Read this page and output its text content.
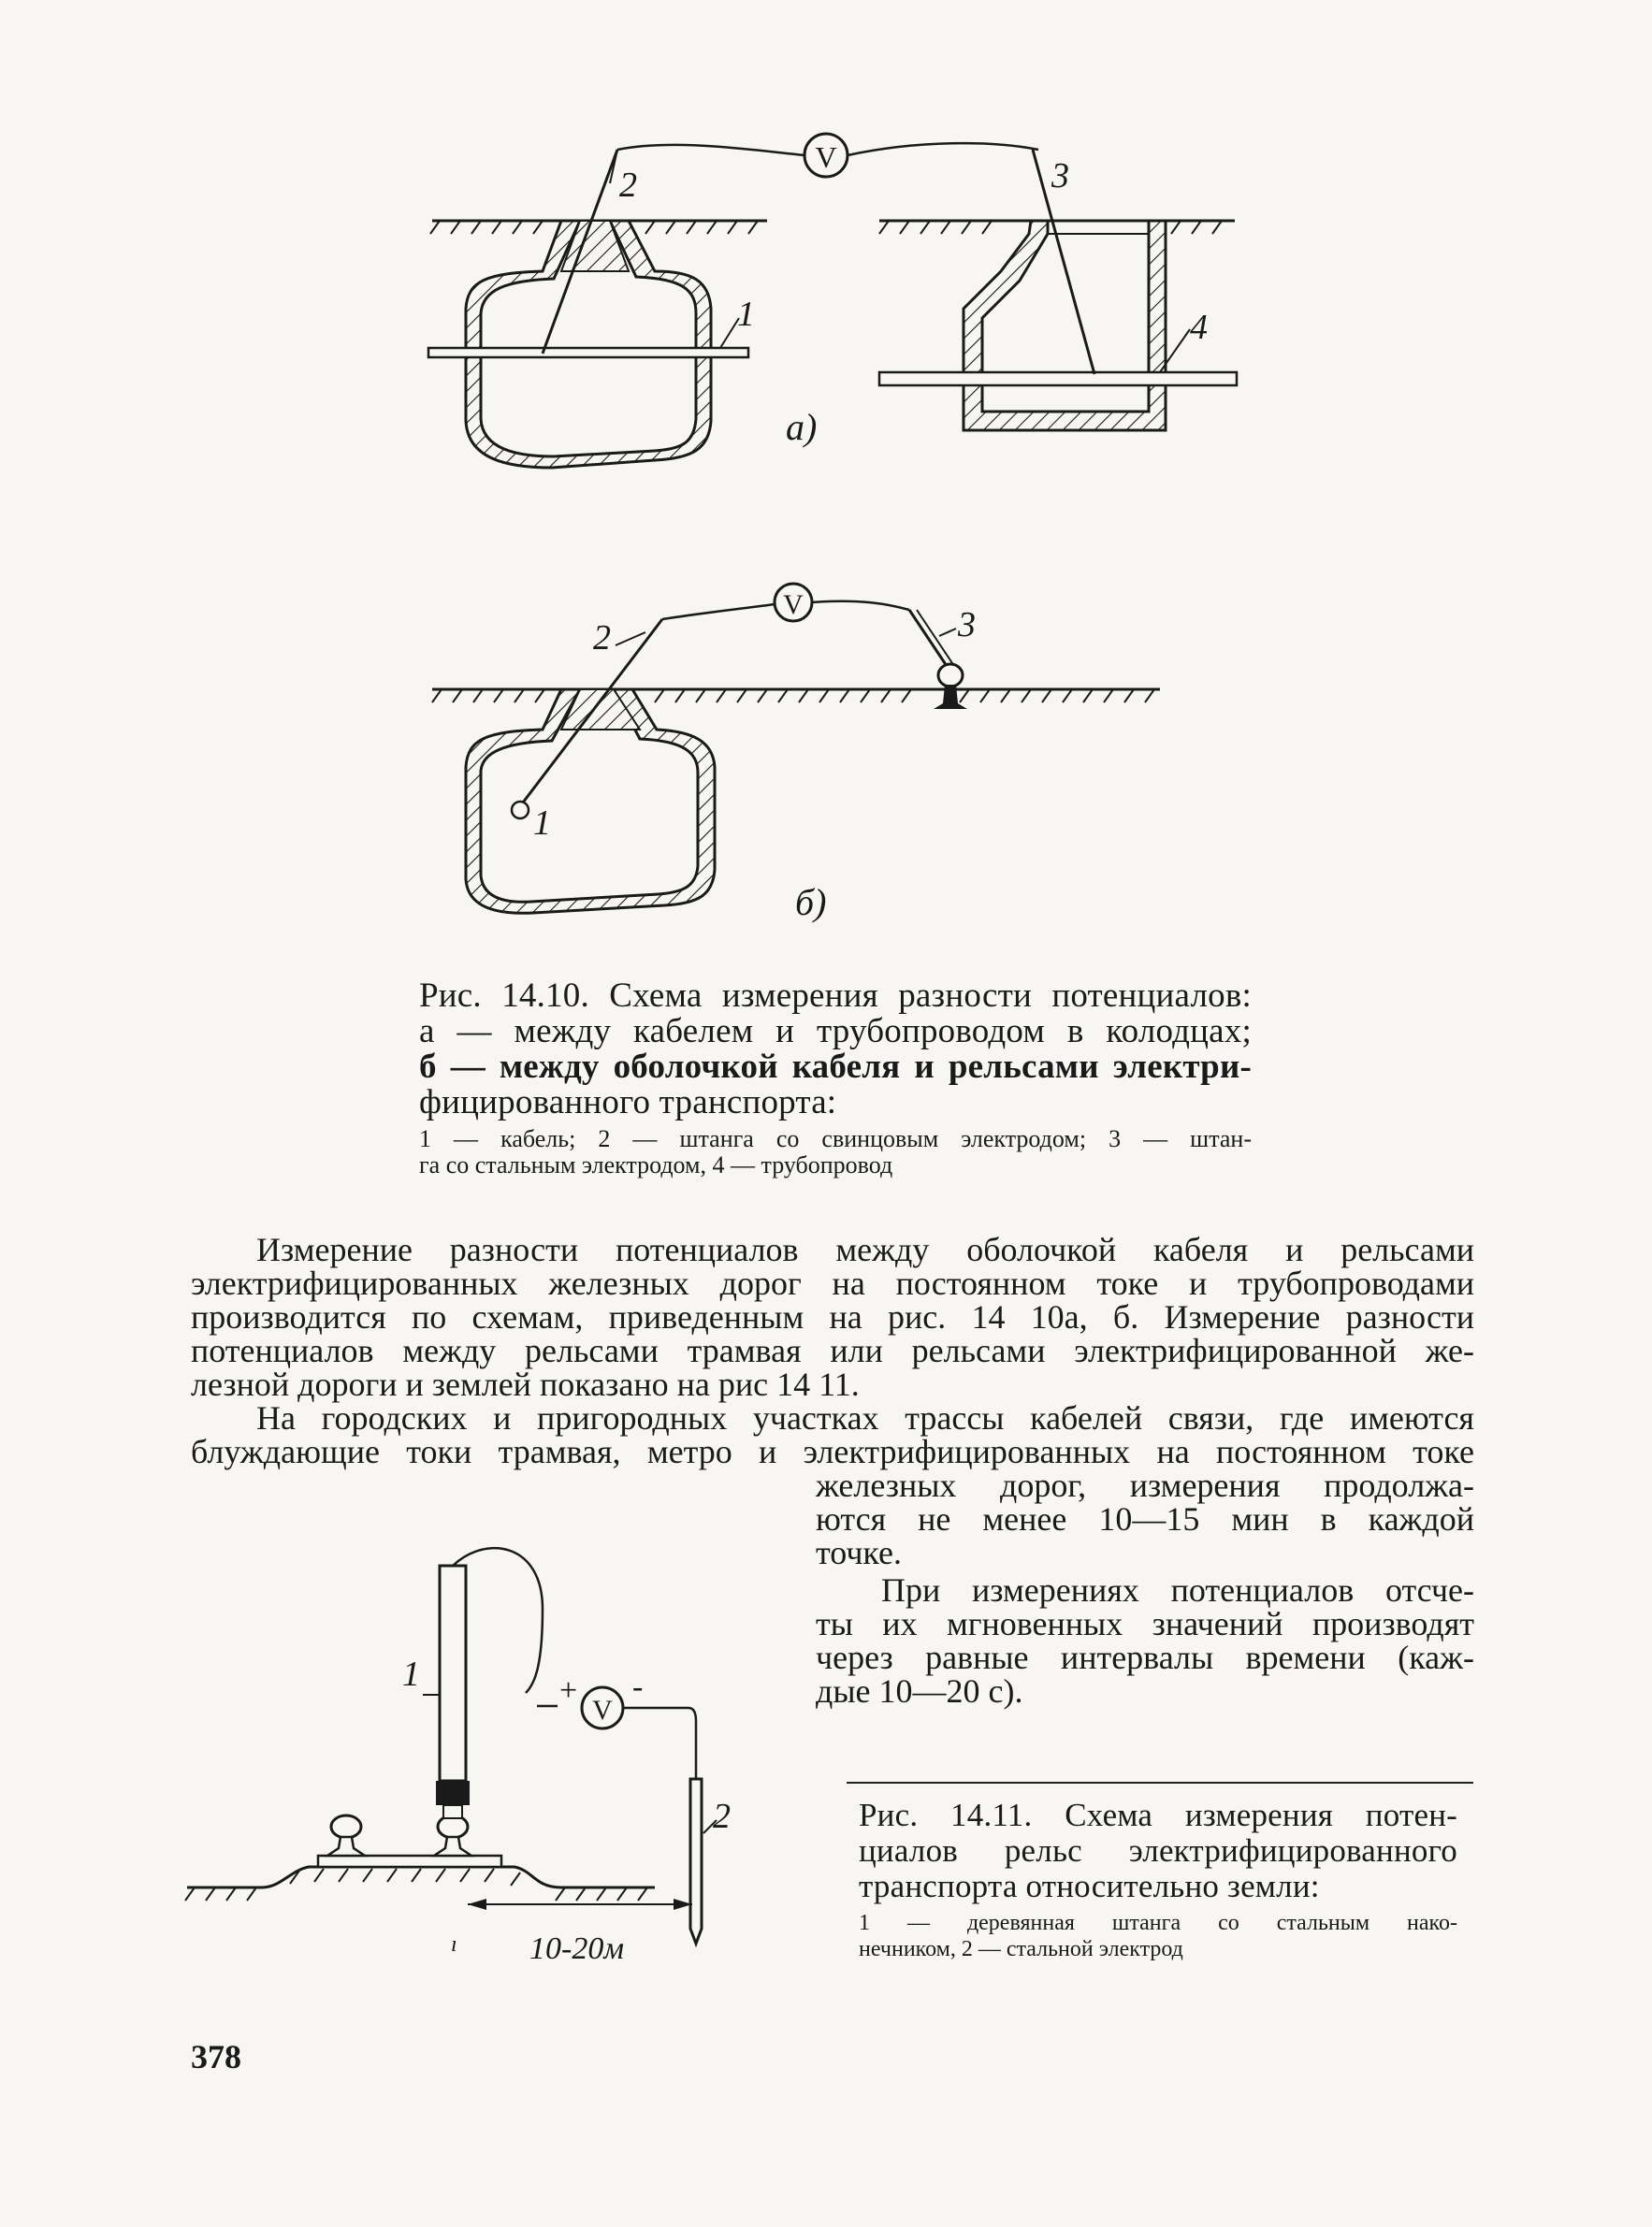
V
2
1
3
4
а)
V
2	3
1
б)
Рис. 14.10. Схема измерения разности потенциалов:
а — между кабелем и трубопроводом в колодцах;
б — между оболочкой кабеля и рельсами электри-
фицированного транспорта:
1 — кабель; 2 — штанга со свинцовым электродом; 3 — штан-
га со стальным электродом, 4 — трубопровод
Измерение разности потенциалов между оболочкой кабеля и рельсами
электрифицированных железных дорог на постоянном токе и трубопроводами
производится по схемам, приведенным на рис. 14 10а, б. Измерение разности
потенциалов между рельсами трамвая или рельсами электрифицированной же-
лезной дороги и землей показано на рис 14 11.
На городских и пригородных участках трассы кабелей связи, где имеются
блуждающие токи трамвая, метро и электрифицированных на постоянном токе
железных дорог, измерения продолжа-
ются не менее 10—15 мин в каждой
точке.
При измерениях потенциалов отсче-
ты их мгновенных значений производят
через равные интервалы времени (каж-
дые 10—20 с).
+
V
-
1
2
ı 10-20м
Рис. 14.11. Схема измерения потен-
циалов рельс электрифицированного
транспорта относительно земли:
1 — деревянная штанга со стальным нако-
нечником, 2 — стальной электрод
378
